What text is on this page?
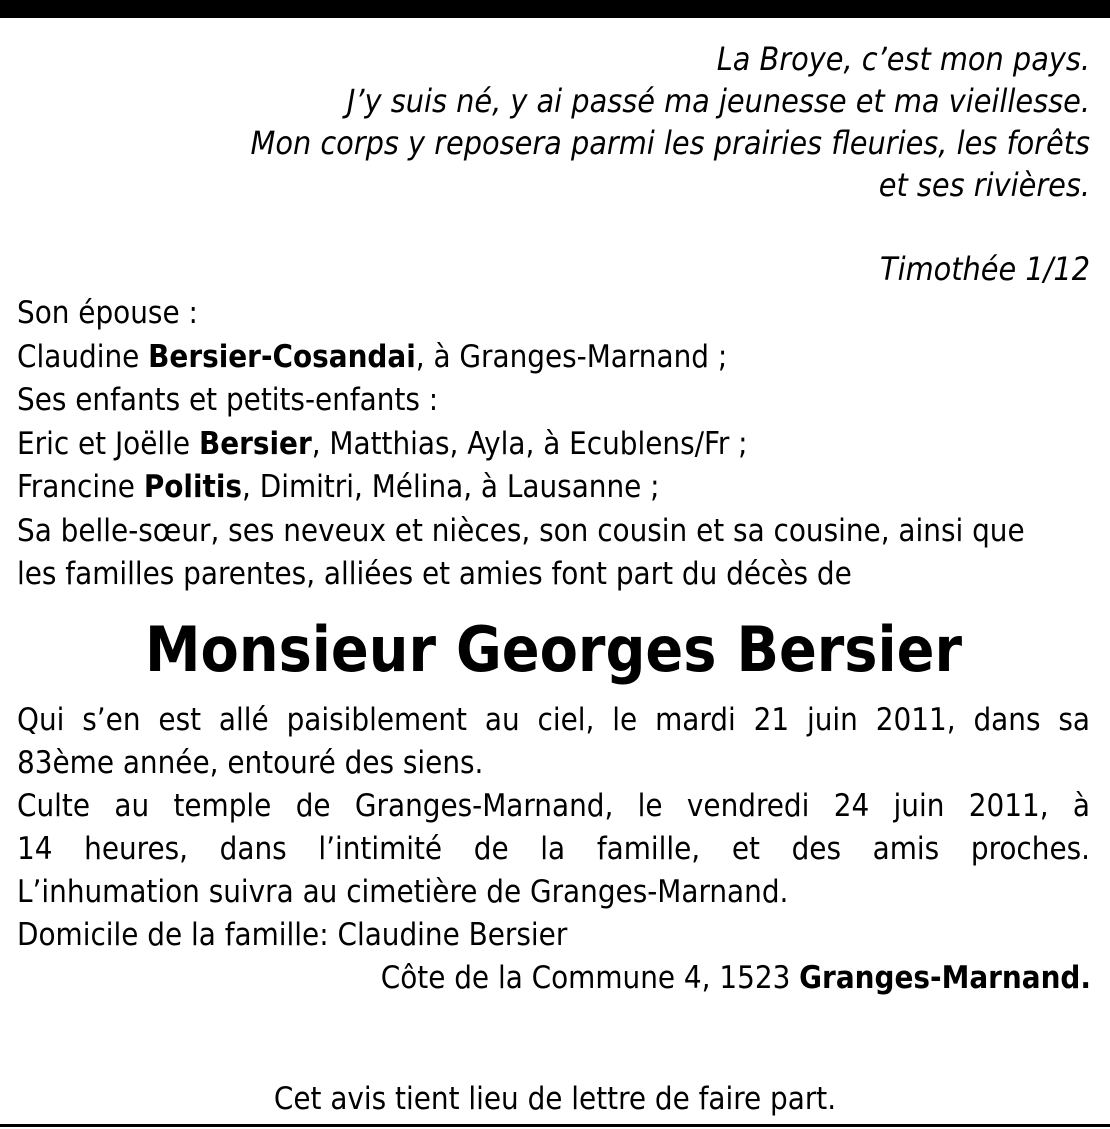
La Broye, c’est mon pays.
J’y suis né, y ai passé ma jeunesse et ma vieillesse.
Mon corps y reposera parmi les prairies fleuries, les forêts
et ses rivières.
Timothée 1/12
Son épouse :
Claudine Bersier-Cosandai, à Granges-Marnand ;
Ses enfants et petits-enfants :
Eric et Joëlle Bersier, Matthias, Ayla, à Ecublens/Fr ;
Francine Politis, Dimitri, Mélina, à Lausanne ;
Sa belle-sœur, ses neveux et nièces, son cousin et sa cousine, ainsi que
les familles parentes, alliées et amies font part du décès de
Monsieur Georges Bersier
Qui s’en est allé paisiblement au ciel, le mardi 21 juin 2011, dans sa
83ème année, entouré des siens.
Culte au temple de Granges-Marnand, le vendredi 24 juin 2011, à
14 heures, dans l’intimité de la famille, et des amis proches.
L’inhumation suivra au cimetière de Granges-Marnand.
Domicile de la famille: Claudine Bersier
Côte de la Commune 4, 1523 Granges-Marnand.
Cet avis tient lieu de lettre de faire part.
